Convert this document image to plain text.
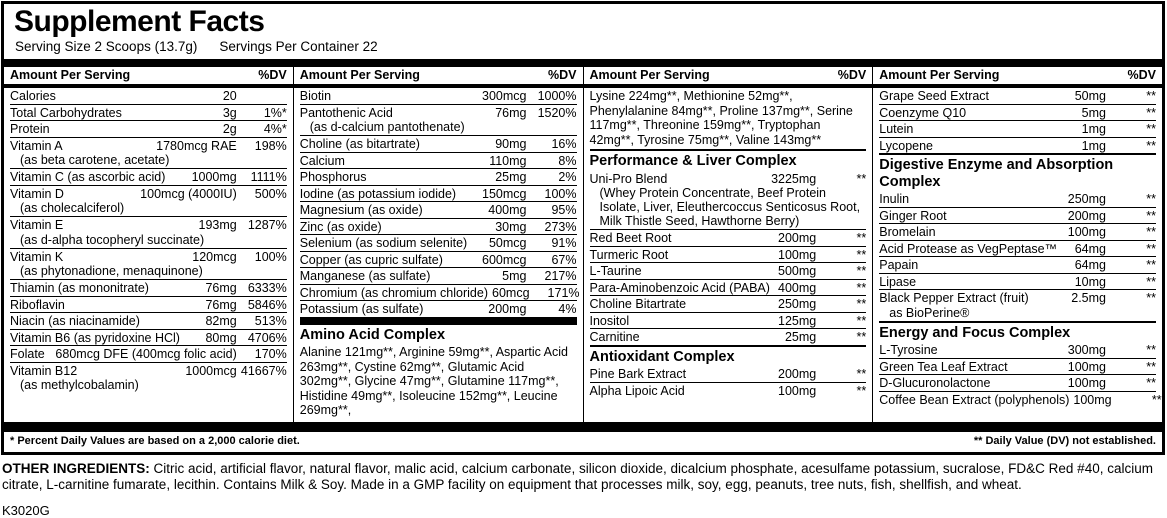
Supplement Facts
Serving Size 2 Scoops (13.7g) Servings Per Container 22
Amount Per Serving	%DV
Calories	20
Total Carbohydrates	3g	1%*
Protein	2g	4%*
Vitamin A	1780mcg RAE	198%
(as beta carotene, acetate)
Vitamin C (as ascorbic acid)	1000mg	1111%
Vitamin D	100mcg (4000IU)	500%
(as cholecalciferol)
Vitamin E	193mg 1287%
(as d-alpha tocopheryl succinate)
Vitamin K	120mcg	100%
(as phytonadione, menaquinone)
Thiamin (as mononitrate)	76mg 6333%
Riboflavin	76mg 5846%
Niacin (as niacinamide)	82mg	513%
Vitamin B6 (as pyridoxine HCl)	80mg 4706%
Folate 680mcg DFE (400mcg folic acid)	170%
Vitamin B12	1000mcg 41667%
(as methylcobalamin)
Amount Per Serving	%DV
Biotin	300mcg 1000%
Pantothenic Acid	76mg 1520%
(as d-calcium pantothenate)
Choline (as bitartrate)	90mg	16%
Calcium	110mg	8%
Phosphorus	25mg	2%
Iodine (as potassium iodide)	150mcg	100%
Magnesium (as oxide)	400mg	95%
Zinc (as oxide)	30mg	273%
Selenium (as sodium selenite)	50mcg	91%
Copper (as cupric sulfate)	600mcg	67%
Manganese (as sulfate)	5mg	217%
Chromium (as chromium chloride) 60mcg	171%
Potassium (as sulfate)	200mg	4%
Amino Acid Complex
Alanine 121mg**, Arginine 59mg**, Aspartic Acid 263mg**, Cystine 62mg**, Glutamic Acid 302mg**, Glycine 47mg**, Glutamine 117mg**, Histidine 49mg**, Isoleucine 152mg**, Leucine 269mg**,
Amount Per Serving	%DV
Lysine 224mg**, Methionine 52mg**, Phenylalanine 84mg**, Proline 137mg**, Serine 117mg**, Threonine 159mg**, Tryptophan 42mg**, Tyrosine 75mg**, Valine 143mg**
Performance & Liver Complex
Uni-Pro Blend	3225mg	**
(Whey Protein Concentrate, Beef Protein Isolate, Liver, Eleuthercoccus Senticosus Root, Milk Thistle Seed, Hawthorne Berry)
Red Beet Root	200mg	**
Turmeric Root	100mg	**
L-Taurine	500mg	**
Para-Aminobenzoic Acid (PABA) 400mg	**
Choline Bitartrate	250mg	**
Inositol	125mg	**
Carnitine	25mg	**
Antioxidant Complex
Pine Bark Extract	200mg	**
Alpha Lipoic Acid	100mg	**
Amount Per Serving	%DV
Grape Seed Extract	50mg	**
Coenzyme Q10	5mg	**
Lutein	1mg	**
Lycopene	1mg	**
Digestive Enzyme and Absorption Complex
Inulin	250mg	**
Ginger Root	200mg	**
Bromelain	100mg	**
Acid Protease as VegPeptase™	64mg	**
Papain	64mg	**
Lipase	10mg	**
Black Pepper Extract (fruit)	2.5mg	**
as BioPerine®
Energy and Focus Complex
L-Tyrosine	300mg	**
Green Tea Leaf Extract	100mg	**
D-Glucuronolactone	100mg	**
Coffee Bean Extract (polyphenols) 100mg	**
* Percent Daily Values are based on a 2,000 calorie diet.	** Daily Value (DV) not established.

OTHER INGREDIENTS: Citric acid, artificial flavor, natural flavor, malic acid, calcium carbonate, silicon dioxide, dicalcium phosphate, acesulfame potassium, sucralose, FD&C Red #40, calcium citrate, L-carnitine fumarate, lecithin. Contains Milk & Soy. Made in a GMP facility on equipment that processes milk, soy, egg, peanuts, tree nuts, fish, shellfish, and wheat.

K3020G
